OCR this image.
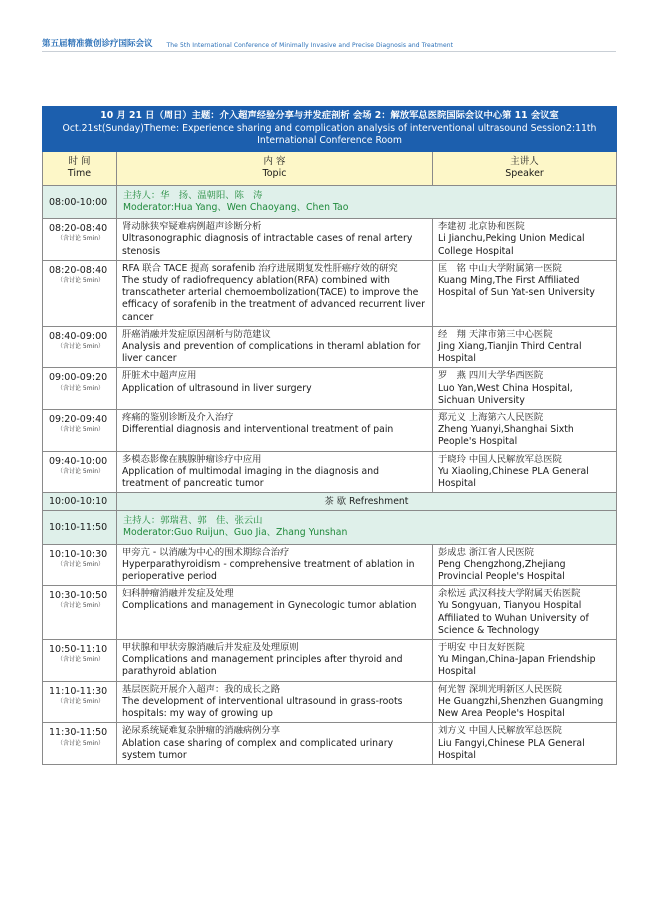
第五届精准微创诊疗国际会议 The 5th International Conference of Minimally Invasive and Precise Diagnosis and Treatment
10 月 21 日（周日）主题：介入超声经验分享与并发症剖析 会场 2：解放军总医院国际会议中心第 11 会议室
Oct.21st(Sunday)Theme: Experience sharing and complication analysis of interventional ultrasound Session2:11th International Conference Room		

时 间
Time	内 容
Topic	主讲人
Speaker

08:00-10:00	主持人：华　扬、温朝阳、陈　涛
Moderator:Hua Yang、Wen Chaoyang、Chen Tao	

08:20-08:40
（含讨论 5min）	肾动脉狭窄疑难病例超声诊断分析
Ultrasonographic diagnosis of intractable cases of renal artery stenosis	李建初 北京协和医院
Li Jianchu,Peking Union Medical College Hospital

08:20-08:40
（含讨论 5min）	RFA 联合 TACE 提高 sorafenib 治疗进展期复发性肝癌疗效的研究
The study of radiofrequency ablation(RFA) combined with transcatheter arterial chemoembolization(TACE) to improve the efficacy of sorafenib in the treatment of advanced recurrent liver cancer	匡　铭 中山大学附属第一医院
Kuang Ming,The First Affiliated Hospital of Sun Yat-sen University

08:40-09:00
（含讨论 5min）	肝癌消融并发症原因剖析与防范建议
Analysis and prevention of complications in theraml ablation for liver cancer	经　翔 天津市第三中心医院
Jing Xiang,Tianjin Third Central Hospital

09:00-09:20
（含讨论 5min）	肝脏术中超声应用
Application of ultrasound in liver surgery	罗　燕 四川大学华西医院
Luo Yan,West China Hospital, Sichuan University

09:20-09:40
（含讨论 5min）	疼痛的鉴别诊断及介入治疗
Differential diagnosis and interventional treatment of pain	郑元义 上海第六人民医院
Zheng Yuanyi,Shanghai Sixth People's Hospital

09:40-10:00
（含讨论 5min）	多模态影像在胰腺肿瘤诊疗中应用
Application of multimodal imaging in the diagnosis and treatment of pancreatic tumor	于晓玲 中国人民解放军总医院
Yu Xiaoling,Chinese PLA General Hospital

10:00-10:10	茶 歇 Refreshment	

10:10-11:50	主持人：郭瑞君、郭　佳、张云山
Moderator:Guo Ruijun、Guo Jia、Zhang Yunshan	

10:10-10:30
（含讨论 5min）	甲旁亢 - 以消融为中心的围术期综合治疗
Hyperparathyroidism - comprehensive treatment of ablation in perioperative period	彭成忠 浙江省人民医院
Peng Chengzhong,Zhejiang Provincial People's Hospital

10:30-10:50
（含讨论 5min）	妇科肿瘤消融并发症及处理
Complications and management in Gynecologic tumor ablation	余松远 武汉科技大学附属天佑医院
Yu Songyuan, Tianyou Hospital Affiliated to Wuhan University of Science & Technology

10:50-11:10
（含讨论 5min）	甲状腺和甲状旁腺消融后并发症及处理原则
Complications and management principles after thyroid and parathyroid ablation	于明安 中日友好医院
Yu Mingan,China-Japan Friendship Hospital

11:10-11:30
（含讨论 5min）	基层医院开展介入超声：我的成长之路
The development of interventional ultrasound in grass-roots hospitals: my way of growing up	何光智 深圳光明新区人民医院
He Guangzhi,Shenzhen Guangming New Area People's Hospital

11:30-11:50
（含讨论 5min）	泌尿系统疑难复杂肿瘤的消融病例分享
Ablation case sharing of complex and complicated urinary system tumor	刘方义 中国人民解放军总医院
Liu Fangyi,Chinese PLA General Hospital
